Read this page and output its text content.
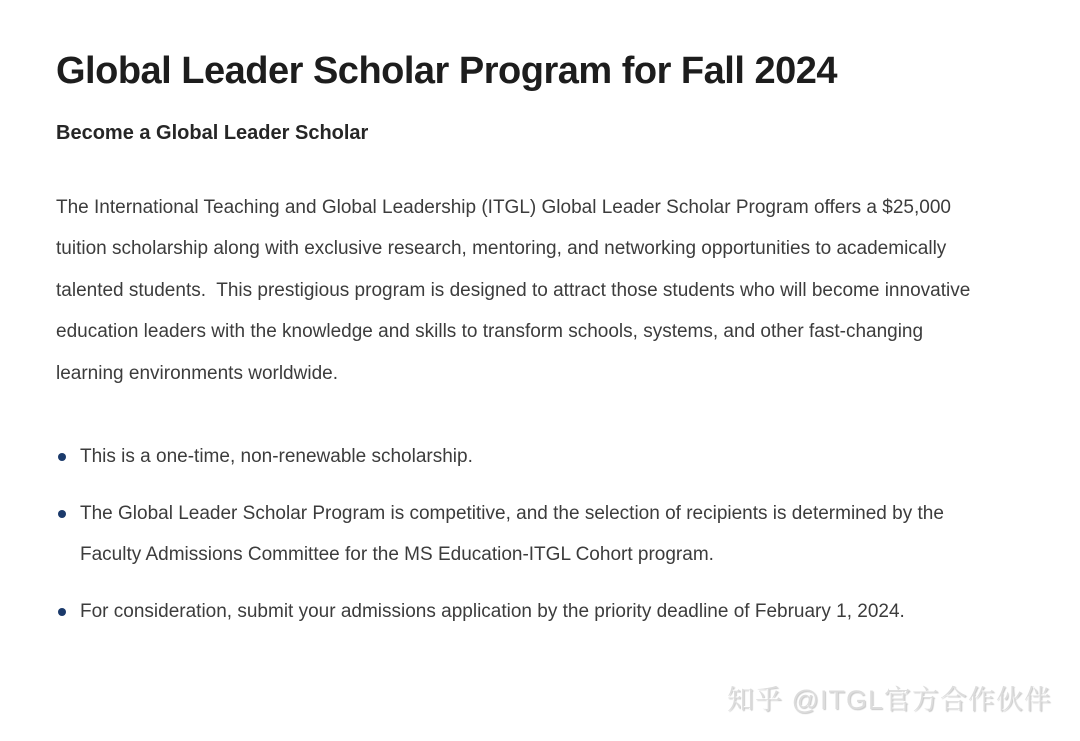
Global Leader Scholar Program for Fall 2024
Become a Global Leader Scholar

The International Teaching and Global Leadership (ITGL) Global Leader Scholar Program offers a $25,000 tuition scholarship along with exclusive research, mentoring, and networking opportunities to academically talented students.  This prestigious program is designed to attract those students who will become innovative education leaders with the knowledge and skills to transform schools, systems, and other fast-changing learning environments worldwide.

This is a one-time, non-renewable scholarship.
The Global Leader Scholar Program is competitive, and the selection of recipients is determined by the Faculty Admissions Committee for the MS Education-ITGL Cohort program.
For consideration, submit your admissions application by the priority deadline of February 1, 2024.
知乎 @ITGL官方合作伙伴
